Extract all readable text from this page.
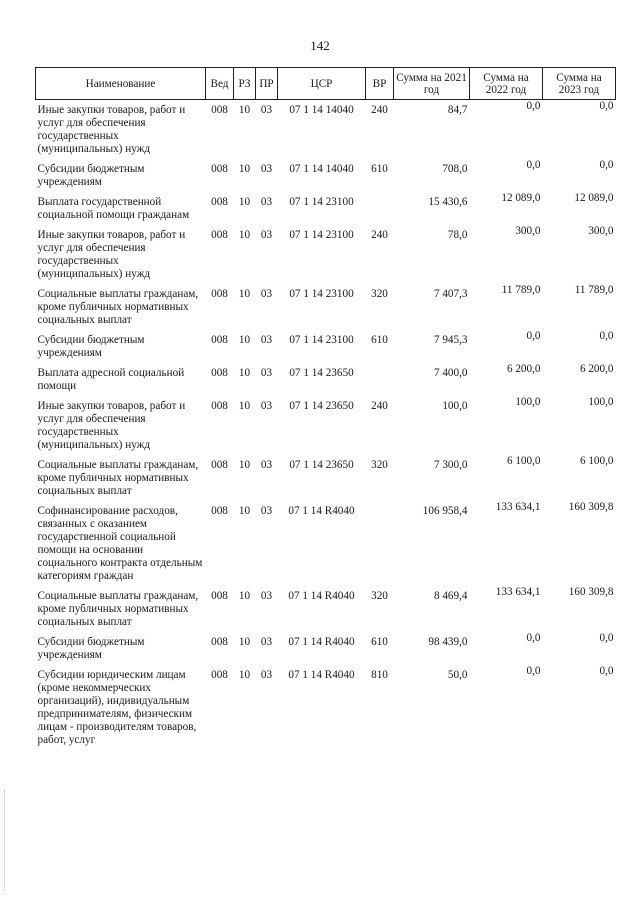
142
Наименование	Вед	РЗ	ПР	ЦСР	ВР	Сумма на 2021 год	Сумма на 2022 год	Сумма на 2023 год
Иные закупки товаров, работ и услуг для обеспечения государственных (муниципальных) нужд	008	10	03	07 1 14 14040	240	84,7	0,0	0,0
Субсидии бюджетным учреждениям	008	10	03	07 1 14 14040	610	708,0	0,0	0,0
Выплата государственной социальной помощи гражданам	008	10	03	07 1 14 23100		15 430,6	12 089,0	12 089,0
Иные закупки товаров, работ и услуг для обеспечения государственных (муниципальных) нужд	008	10	03	07 1 14 23100	240	78,0	300,0	300,0
Социальные выплаты гражданам, кроме публичных нормативных социальных выплат	008	10	03	07 1 14 23100	320	7 407,3	11 789,0	11 789,0
Субсидии бюджетным учреждениям	008	10	03	07 1 14 23100	610	7 945,3	0,0	0,0
Выплата адресной социальной помощи	008	10	03	07 1 14 23650		7 400,0	6 200,0	6 200,0
Иные закупки товаров, работ и услуг для обеспечения государственных (муниципальных) нужд	008	10	03	07 1 14 23650	240	100,0	100,0	100,0
Социальные выплаты гражданам, кроме публичных нормативных социальных выплат	008	10	03	07 1 14 23650	320	7 300,0	6 100,0	6 100,0
Софинансирование расходов, связанных с оказанием государственной социальной помощи на основании социального контракта отдельным категориям граждан	008	10	03	07 1 14 R4040		106 958,4	133 634,1	160 309,8
Социальные выплаты гражданам, кроме публичных нормативных социальных выплат	008	10	03	07 1 14 R4040	320	8 469,4	133 634,1	160 309,8
Субсидии бюджетным учреждениям	008	10	03	07 1 14 R4040	610	98 439,0	0,0	0,0
Субсидии юридическим лицам (кроме некоммерческих организаций), индивидуальным предпринимателям, физическим лицам - производителям товаров, работ, услуг	008	10	03	07 1 14 R4040	810	50,0	0,0	0,0
